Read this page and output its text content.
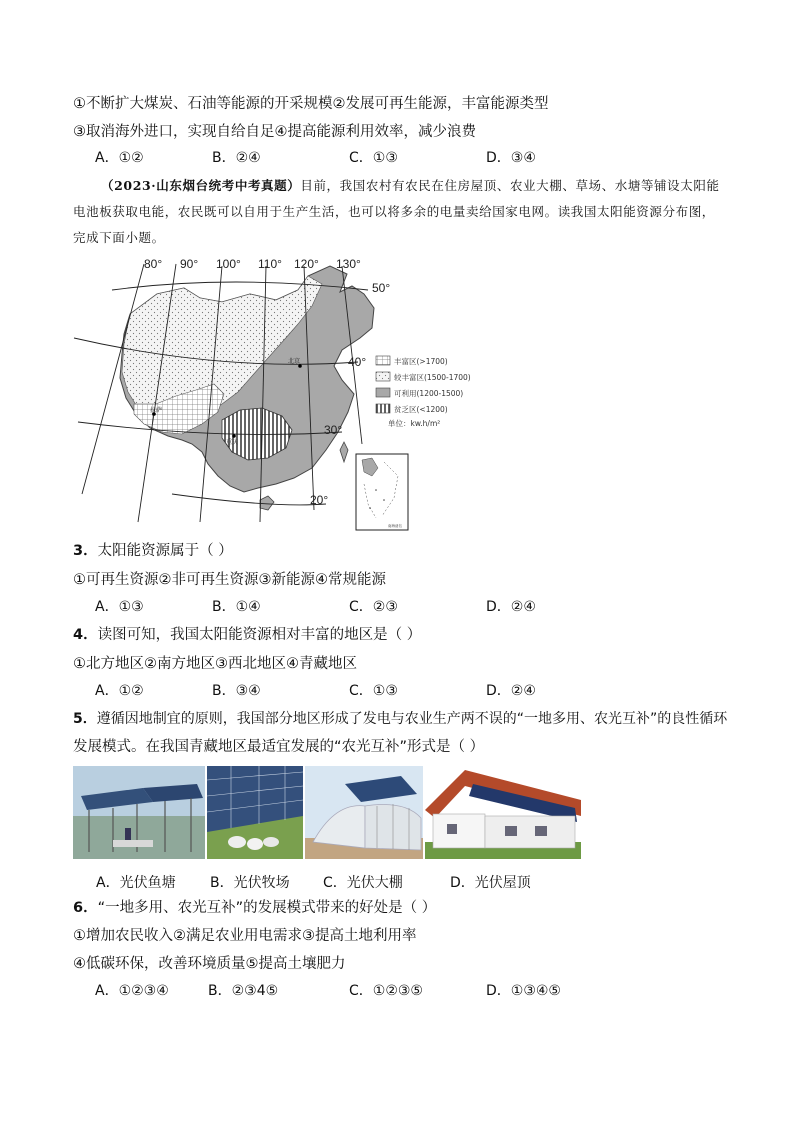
①不断扩大煤炭、石油等能源的开采规模②发展可再生能源，丰富能源类型
③取消海外进口，实现自给自足④提高能源利用效率，减少浪费
A．①②	B．②④	C．①③	D．③④
（2023·山东烟台统考中考真题）目前，我国农村有农民在住房屋顶、农业大棚、草场、水塘等铺设太阳能电池板获取电能，农民既可以自用于生产生活，也可以将多余的电量卖给国家电网。读我国太阳能资源分布图，完成下面小题。
80° 90° 100° 110° 120° 130°
50°
40°
30°
20°
北京
拉萨
重庆
丰富区(>1700)
较丰富区(1500-1700)
可利用(1200-1500)
贫乏区(<1200)
单位：kw.h/m²
南海诸岛
3．太阳能资源属于（ ）
①可再生资源②非可再生资源③新能源④常规能源
A．①③	B．①④	C．②③	D．②④
4．读图可知，我国太阳能资源相对丰富的地区是（ ）
①北方地区②南方地区③西北地区④青藏地区
A．①②	B．③④	C．①③	D．②④
5．遵循因地制宜的原则，我国部分地区形成了发电与农业生产两不误的“一地多用、农光互补”的良性循环
发展模式。在我国青藏地区最适宜发展的“农光互补”形式是（ ）
A．光伏鱼塘 B．光伏牧场 C．光伏大棚	D．光伏屋顶
6．“一地多用、农光互补”的发展模式带来的好处是（ ）
①增加农民收入②满足农业用电需求③提高土地利用率
④低碳环保，改善环境质量⑤提高土壤肥力
A．①②③④	B．②③4⑤	C．①②③⑤	D．①③④⑤
